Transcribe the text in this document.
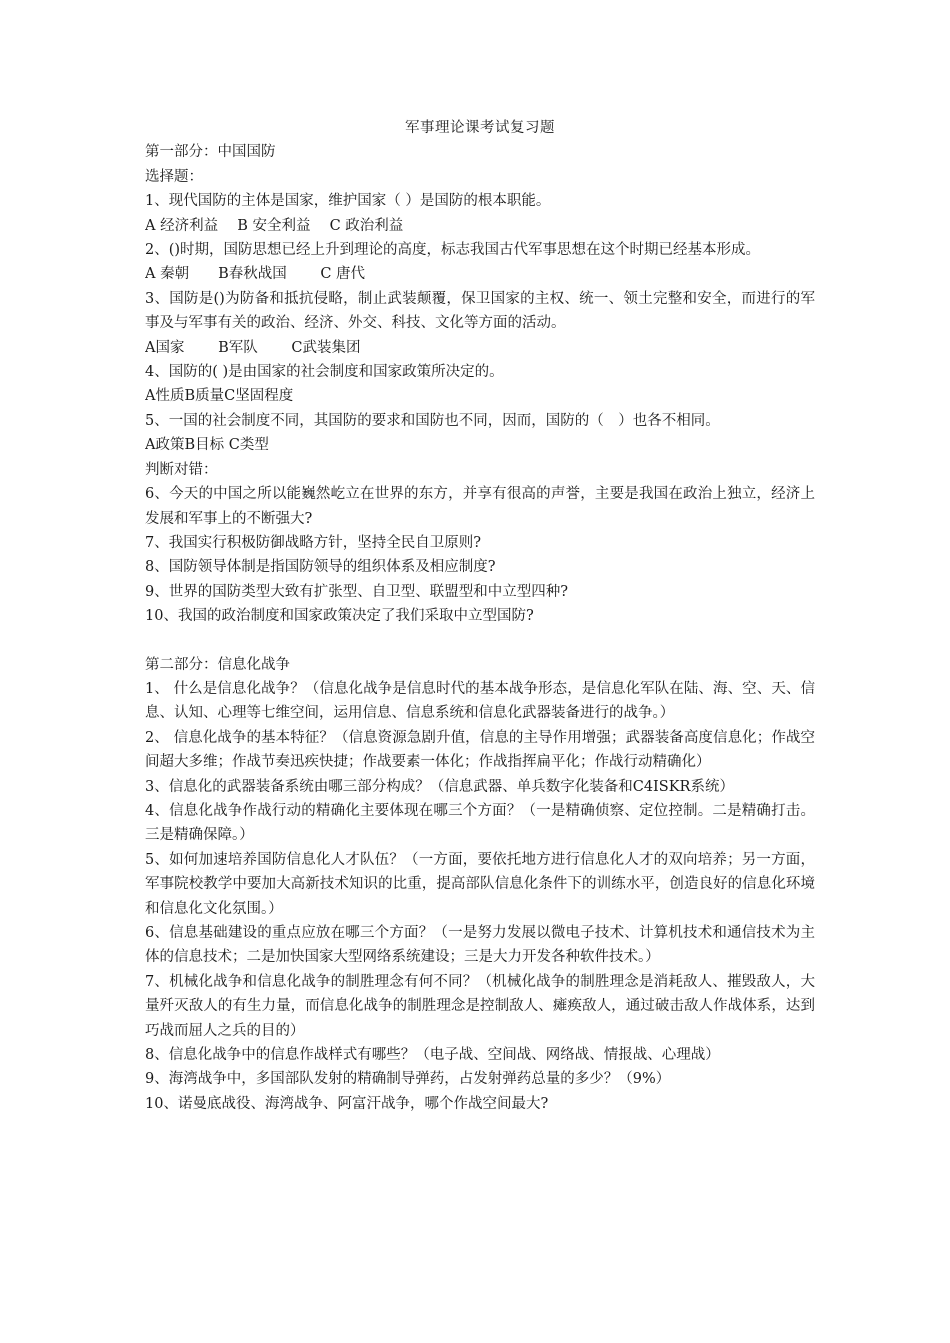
军事理论课考试复习题
第一部分：中国国防
选择题：
1、现代国防的主体是国家，维护国家（ ）是国防的根本职能。
A 经济利益　 B 安全利益　 C 政治利益
2、()时期，国防思想已经上升到理论的高度，标志我国古代军事思想在这个时期已经基本形成。
A 秦朝　　B春秋战国　　 C 唐代
3、国防是()为防备和抵抗侵略，制止武装颠覆，保卫国家的主权、统一、领土完整和安全，而进行的军事及与军事有关的政治、经济、外交、科技、文化等方面的活动。
A国家　　 B军队　　 C武装集团
4、国防的( )是由国家的社会制度和国家政策所决定的。
A性质B质量C坚固程度
5、一国的社会制度不同，其国防的要求和国防也不同，因而，国防的（　）也各不相同。
A政策B目标 C类型
判断对错：
6、今天的中国之所以能巍然屹立在世界的东方，并享有很高的声誉，主要是我国在政治上独立，经济上发展和军事上的不断强大?
7、我国实行积极防御战略方针，坚持全民自卫原则?
8、国防领导体制是指国防领导的组织体系及相应制度?
9、世界的国防类型大致有扩张型、自卫型、联盟型和中立型四种?
10、我国的政治制度和国家政策决定了我们采取中立型国防?
第二部分：信息化战争
1、 什么是信息化战争？（信息化战争是信息时代的基本战争形态，是信息化军队在陆、海、空、天、信息、认知、心理等七维空间，运用信息、信息系统和信息化武器装备进行的战争。）
2、 信息化战争的基本特征？（信息资源急剧升值，信息的主导作用增强；武器装备高度信息化；作战空间超大多维；作战节奏迅疾快捷；作战要素一体化；作战指挥扁平化；作战行动精确化）
3、信息化的武器装备系统由哪三部分构成？（信息武器、单兵数字化装备和C4ISKR系统）
4、信息化战争作战行动的精确化主要体现在哪三个方面？（一是精确侦察、定位控制。二是精确打击。三是精确保障。）
5、如何加速培养国防信息化人才队伍？（一方面，要依托地方进行信息化人才的双向培养；另一方面，军事院校教学中要加大高新技术知识的比重，提高部队信息化条件下的训练水平，创造良好的信息化环境和信息化文化氛围。）
6、信息基础建设的重点应放在哪三个方面？（一是努力发展以微电子技术、计算机技术和通信技术为主体的信息技术；二是加快国家大型网络系统建设；三是大力开发各种软件技术。）
7、机械化战争和信息化战争的制胜理念有何不同？（机械化战争的制胜理念是消耗敌人、摧毁敌人，大量歼灭敌人的有生力量，而信息化战争的制胜理念是控制敌人、瘫痪敌人，通过破击敌人作战体系，达到巧战而屈人之兵的目的）
8、信息化战争中的信息作战样式有哪些？（电子战、空间战、网络战、情报战、心理战）
9、海湾战争中，多国部队发射的精确制导弹药，占发射弹药总量的多少？（9%）
10、诺曼底战役、海湾战争、阿富汗战争，哪个作战空间最大?
